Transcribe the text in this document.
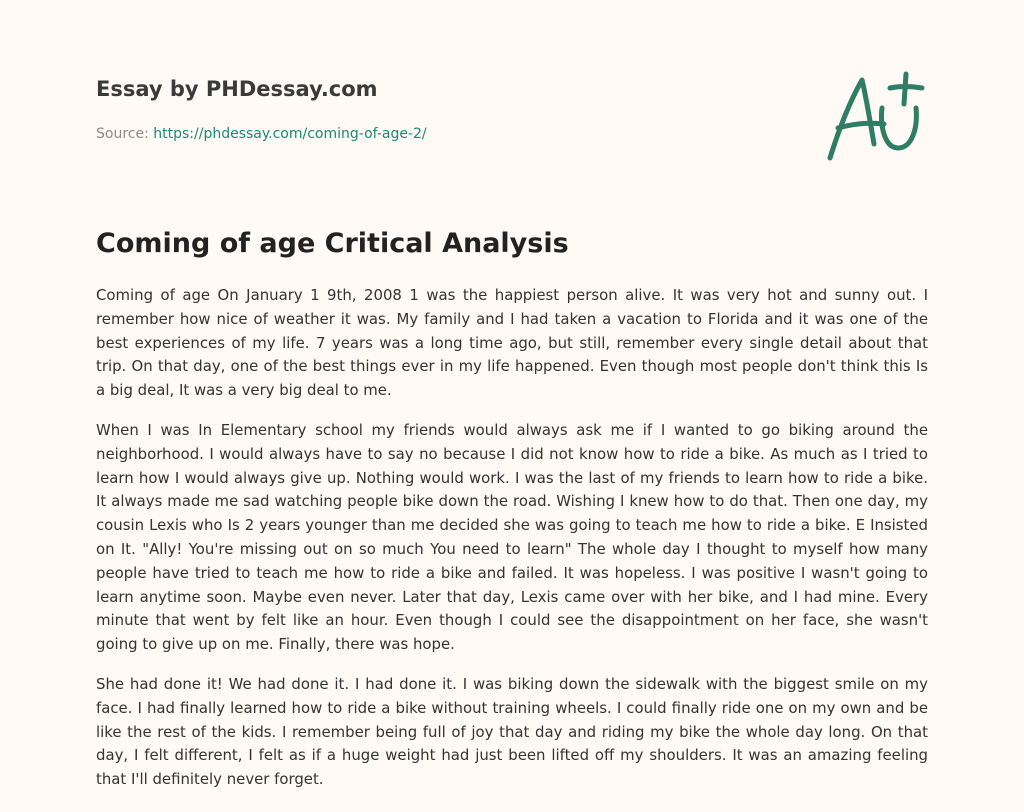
Essay by PHDessay.com
Source: https://phdessay.com/coming-of-age-2/
Coming of age Critical Analysis

Coming of age On January 1 9th, 2008 1 was the happiest person alive. It was very hot and sunny out. I remember how nice of weather it was. My family and I had taken a vacation to Florida and it was one of the best experiences of my life. 7 years was a long time ago, but still, remember every single detail about that trip. On that day, one of the best things ever in my life happened. Even though most people don't think this Is a big deal, It was a very big deal to me.

When I was In Elementary school my friends would always ask me if I wanted to go biking around the neighborhood. I would always have to say no because I did not know how to ride a bike. As much as I tried to learn how I would always give up. Nothing would work. I was the last of my friends to learn how to ride a bike. It always made me sad watching people bike down the road. Wishing I knew how to do that. Then one day, my cousin Lexis who Is 2 years younger than me decided she was going to teach me how to ride a bike. E Insisted on It. "Ally! You're missing out on so much You need to learn" The whole day I thought to myself how many people have tried to teach me how to ride a bike and failed. It was hopeless. I was positive I wasn't going to learn anytime soon. Maybe even never. Later that day, Lexis came over with her bike, and I had mine. Every minute that went by felt like an hour. Even though I could see the disappointment on her face, she wasn't going to give up on me. Finally, there was hope.

She had done it! We had done it. I had done it. I was biking down the sidewalk with the biggest smile on my face. I had finally learned how to ride a bike without training wheels. I could finally ride one on my own and be like the rest of the kids. I remember being full of joy that day and riding my bike the whole day long. On that day, I felt different, I felt as if a huge weight had just been lifted off my shoulders. It was an amazing feeling that I'll definitely never forget.
